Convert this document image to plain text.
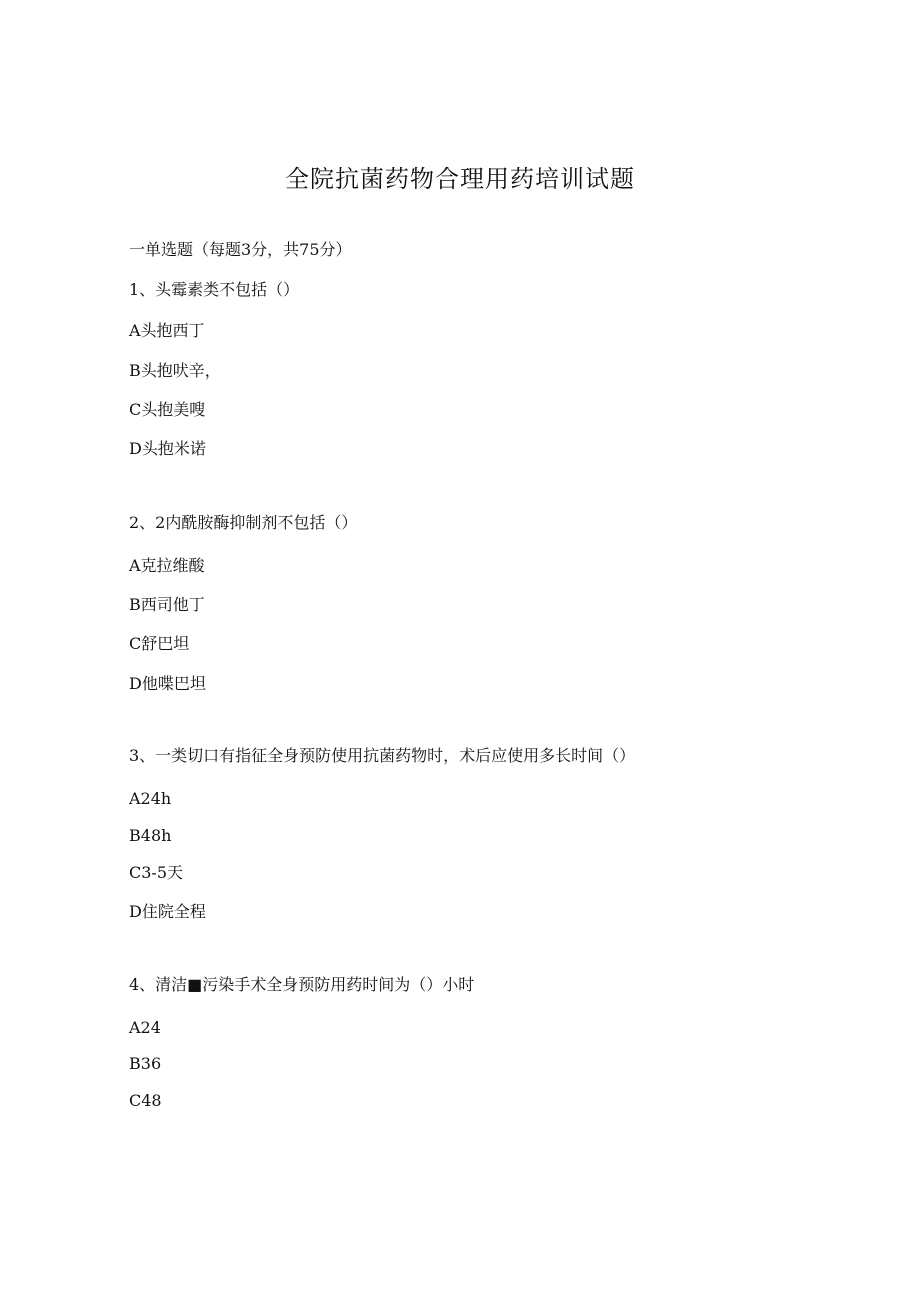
全院抗菌药物合理用药培训试题
一单选题（每题3分，共75分）
1、头霉素类不包括（）
A头抱西丁
B头抱吠辛，
C头抱美嗖
D头抱米诺
2、2内酰胺酶抑制剂不包括（）
A克拉维酸
B西司他丁
C舒巴坦
D他喋巴坦
3、一类切口有指征全身预防使用抗菌药物时，术后应使用多长时间（）
A24h
B48h
C3-5天
D住院全程
4、清洁■污染手术全身预防用药时间为（）小时
A24
B36
C48
